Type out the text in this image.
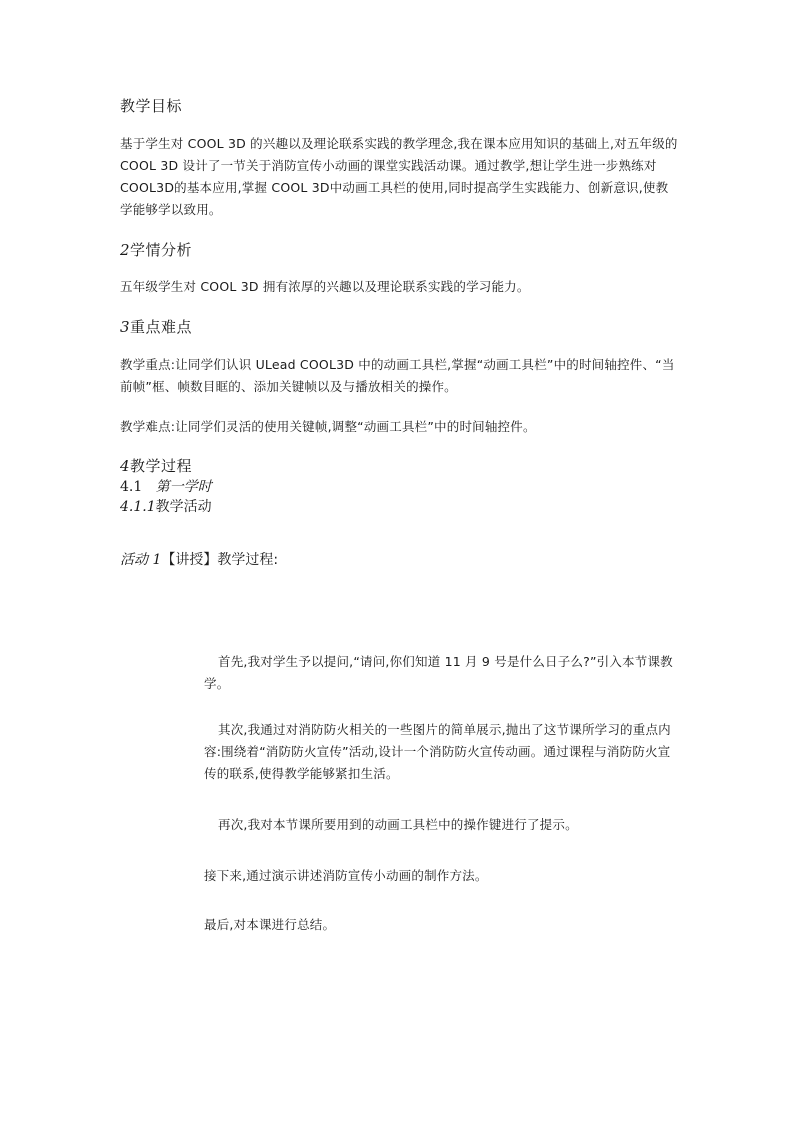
教学目标

基于学生对 COOL 3D 的兴趣以及理论联系实践的教学理念,我在课本应用知识的基础上,对五年级的 COOL 3D 设计了一节关于消防宣传小动画的课堂实践活动课。通过教学,想让学生进一步熟练对 COOL3D的基本应用,掌握 COOL 3D中动画工具栏的使用,同时提高学生实践能力、创新意识,使教学能够学以致用。

2学情分析

五年级学生对 COOL 3D 拥有浓厚的兴趣以及理论联系实践的学习能力。

3重点难点

教学重点:让同学们认识 ULead COOL3D 中的动画工具栏,掌握“动画工具栏”中的时间轴控件、“当前帧”框、帧数目眶的、添加关键帧以及与播放相关的操作。

教学难点:让同学们灵活的使用关键帧,调整“动画工具栏”中的时间轴控件。

4教学过程
4.1 第一学时
4.1.1教学活动
活动 1【讲授】教学过程:

首先,我对学生予以提问,“请问,你们知道 11 月 9 号是什么日子么?”引入本节课教学。

其次,我通过对消防防火相关的一些图片的简单展示,抛出了这节课所学习的重点内容:围绕着“消防防火宣传”活动,设计一个消防防火宣传动画。通过课程与消防防火宣传的联系,使得教学能够紧扣生活。

再次,我对本节课所要用到的动画工具栏中的操作键进行了提示。

接下来,通过演示讲述消防宣传小动画的制作方法。

最后,对本课进行总结。
